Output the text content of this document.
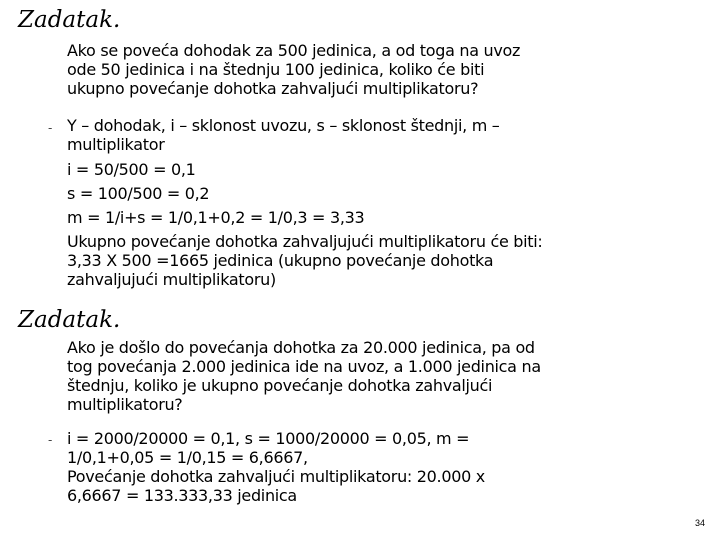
Zadatak.
Ako se poveća dohodak za 500 jedinica, a od toga na uvoz
ode 50 jedinica i na štednju 100 jedinica, koliko će biti
ukupno povećanje dohotka zahvaljući multiplikatoru?
- Y – dohodak, i – sklonost uvozu, s – sklonost štednji, m –
multiplikator
i = 50/500 = 0,1
s = 100/500 = 0,2
m = 1/i+s = 1/0,1+0,2 = 1/0,3 = 3,33
Ukupno povećanje dohotka zahvaljujući multiplikatoru će biti:
3,33 X 500 =1665 jedinica (ukupno povećanje dohotka
zahvaljujući multiplikatoru)
Zadatak.
Ako je došlo do povećanja dohotka za 20.000 jedinica, pa od
tog povećanja 2.000 jedinica ide na uvoz, a 1.000 jedinica na
štednju, koliko je ukupno povećanje dohotka zahvaljući
multiplikatoru?
- i = 2000/20000 = 0,1, s = 1000/20000 = 0,05, m =
1/0,1+0,05 = 1/0,15 = 6,6667,
Povećanje dohotka zahvaljući multiplikatoru: 20.000 x
6,6667 = 133.333,33 jedinica
34
